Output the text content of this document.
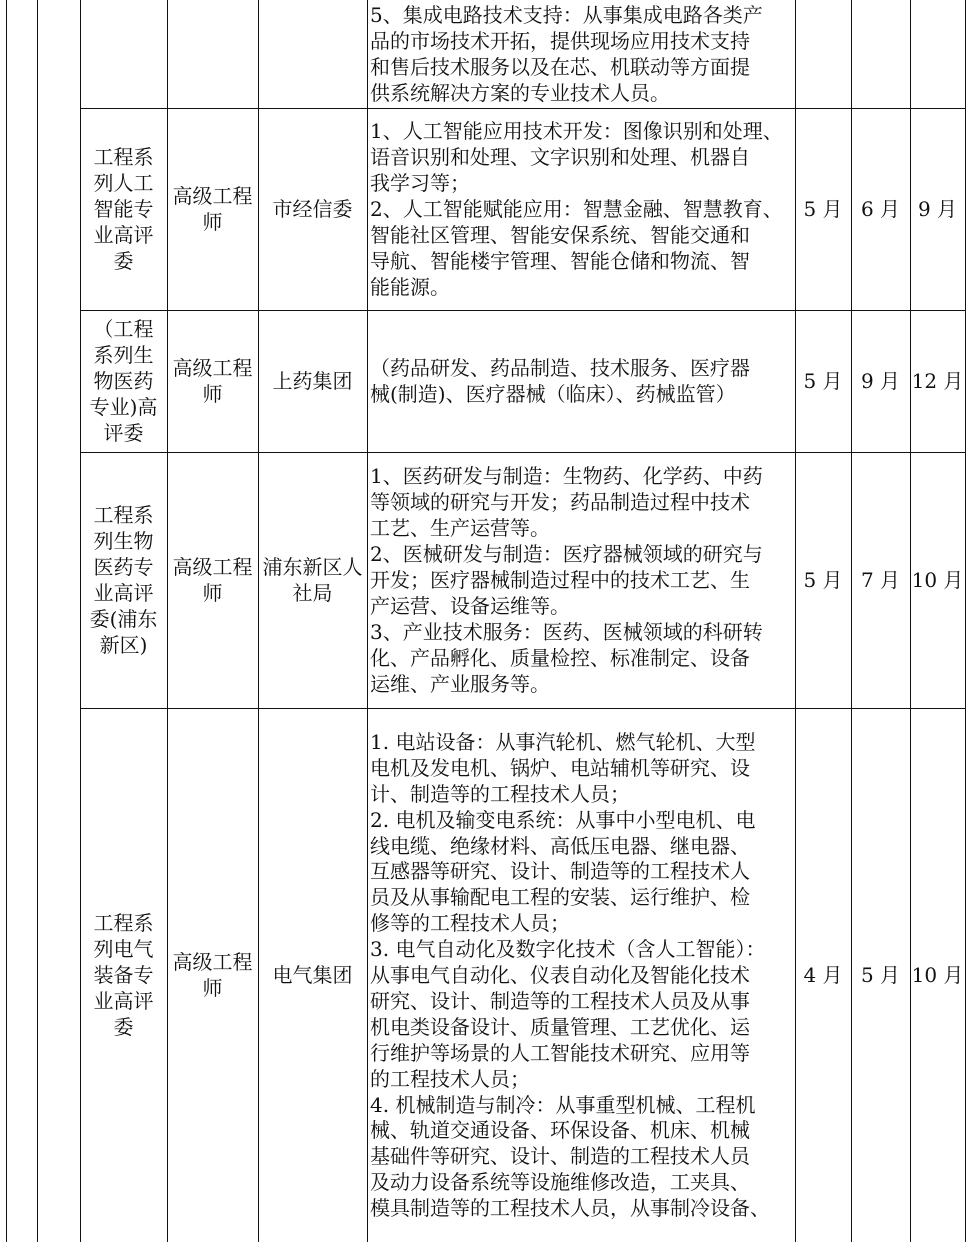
5、集成电路技术支持：从事集成电路各类产
品的市场技术开拓，提供现场应用技术支持
和售后技术服务以及在芯、机联动等方面提
供系统解决方案的专业技术人员。
工程系
列人工
智能专
业高评
委
高级工程
师
市经信委
1、人工智能应用技术开发：图像识别和处理、
语音识别和处理、文字识别和处理、机器自
我学习等；
2、人工智能赋能应用：智慧金融、智慧教育、
智能社区管理、智能安保系统、智能交通和
导航、智能楼宇管理、智能仓储和物流、智
能能源。
5 月 6 月 9 月
（工程
系列生
物医药
专业)高
评委
高级工程
师
上药集团
（药品研发、药品制造、技术服务、医疗器
械(制造)、医疗器械（临床）、药械监管）
5 月 9 月 12 月
工程系
列生物
医药专
业高评
委(浦东
新区)
高级工程
师
浦东新区人
社局
1、医药研发与制造：生物药、化学药、中药
等领域的研究与开发；药品制造过程中技术
工艺、生产运营等。
2、医械研发与制造：医疗器械领域的研究与
开发；医疗器械制造过程中的技术工艺、生
产运营、设备运维等。
3、产业技术服务：医药、医械领域的科研转
化、产品孵化、质量检控、标准制定、设备
运维、产业服务等。
5 月 7 月 10 月
工程系
列电气
装备专
业高评
委
高级工程
师
电气集团
1. 电站设备：从事汽轮机、燃气轮机、大型
电机及发电机、锅炉、电站辅机等研究、设
计、制造等的工程技术人员；
2. 电机及输变电系统：从事中小型电机、电
线电缆、绝缘材料、高低压电器、继电器、
互感器等研究、设计、制造等的工程技术人
员及从事输配电工程的安装、运行维护、检
修等的工程技术人员；
3. 电气自动化及数字化技术（含人工智能）：
从事电气自动化、仪表自动化及智能化技术
研究、设计、制造等的工程技术人员及从事
机电类设备设计、质量管理、工艺优化、运
行维护等场景的人工智能技术研究、应用等
的工程技术人员；
4. 机械制造与制冷：从事重型机械、工程机
械、轨道交通设备、环保设备、机床、机械
基础件等研究、设计、制造的工程技术人员
及动力设备系统等设施维修改造，工夹具、
模具制造等的工程技术人员，从事制冷设备、
4 月 5 月 10 月
